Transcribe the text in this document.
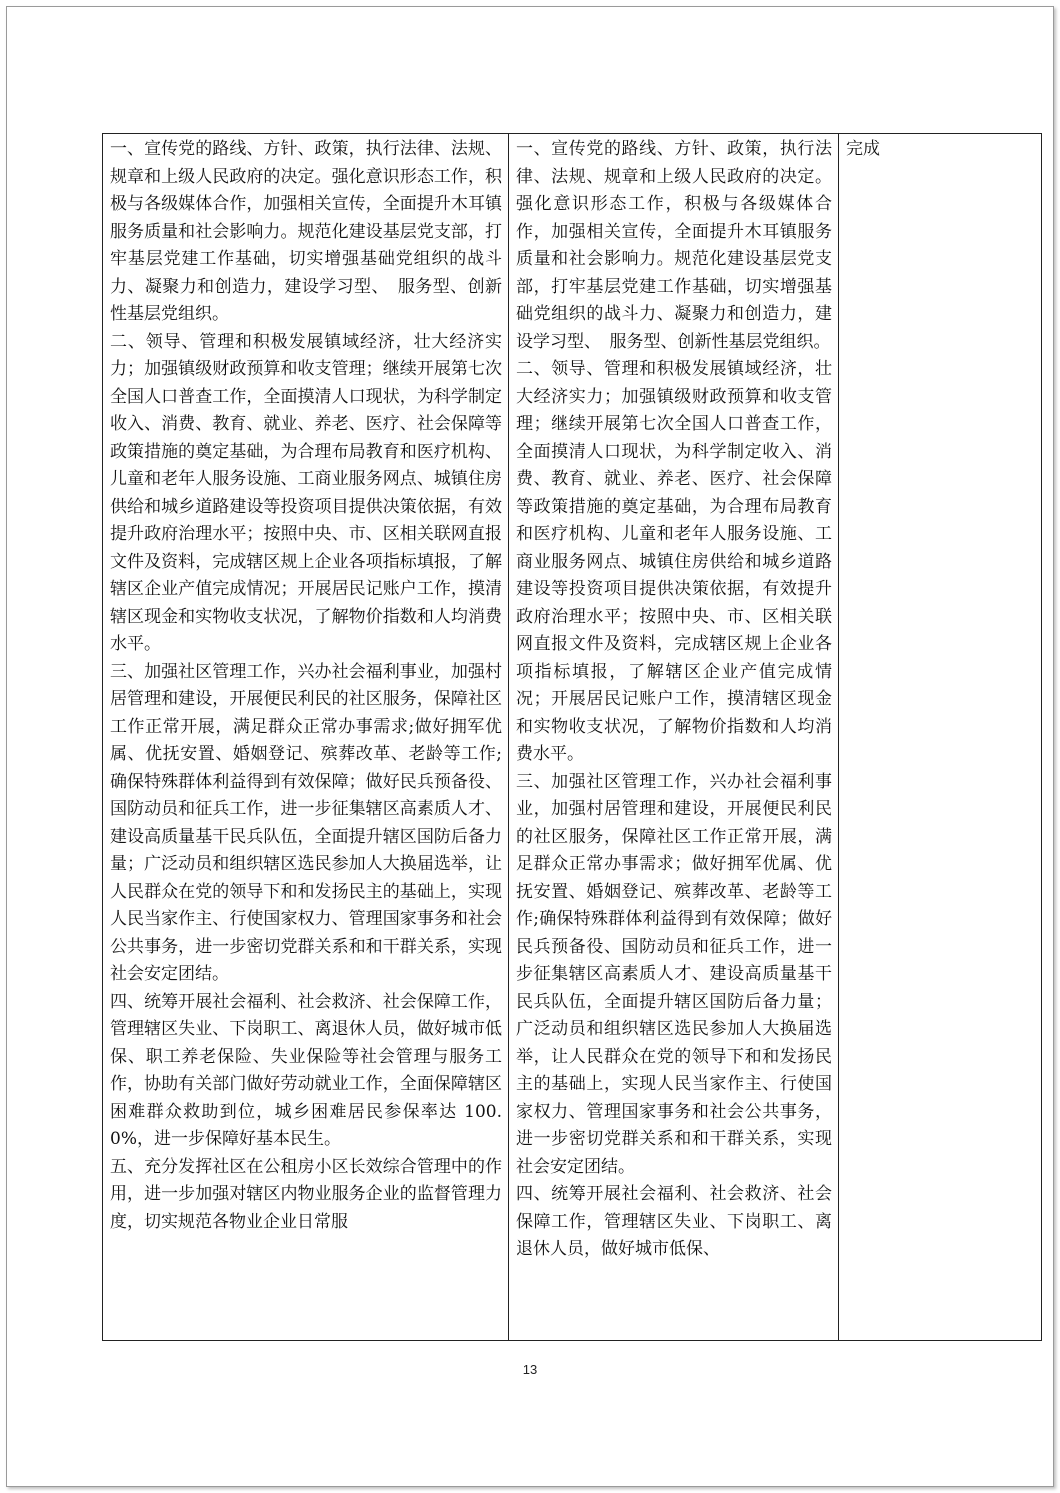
一、宣传党的路线、方针、政策，执行法律、法规、规章和上级人民政府的决定。强化意识形态工作，积极与各级媒体合作，加强相关宣传，全面提升木耳镇服务质量和社会影响力。规范化建设基层党支部，打牢基层党建工作基础，切实增强基础党组织的战斗力、凝聚力和创造力，建设学习型、　服务型、创新性基层党组织。

二、领导、管理和积极发展镇域经济，壮大经济实力；加强镇级财政预算和收支管理；继续开展第七次全国人口普查工作，全面摸清人口现状，为科学制定收入、消费、教育、就业、养老、医疗、社会保障等政策措施的奠定基础，为合理布局教育和医疗机构、儿童和老年人服务设施、工商业服务网点、城镇住房供给和城乡道路建设等投资项目提供决策依据，有效提升政府治理水平；按照中央、市、区相关联网直报文件及资料，完成辖区规上企业各项指标填报，了解辖区企业产值完成情况；开展居民记账户工作，摸清辖区现金和实物收支状况，了解物价指数和人均消费水平。

三、加强社区管理工作，兴办社会福利事业，加强村居管理和建设，开展便民利民的社区服务，保障社区工作正常开展，满足群众正常办事需求;做好拥军优属、优抚安置、婚姻登记、殡葬改革、老龄等工作;确保特殊群体利益得到有效保障；做好民兵预备役、国防动员和征兵工作，进一步征集辖区高素质人才、建设高质量基干民兵队伍，全面提升辖区国防后备力量；广泛动员和组织辖区选民参加人大换届选举，让人民群众在党的领导下和和发扬民主的基础上，实现人民当家作主、行使国家权力、管理国家事务和社会公共事务，进一步密切党群关系和和干群关系，实现社会安定团结。

四、统筹开展社会福利、社会救济、社会保障工作，管理辖区失业、下岗职工、离退休人员，做好城市低保、职工养老保险、失业保险等社会管理与服务工作，协助有关部门做好劳动就业工作，全面保障辖区困难群众救助到位，城乡困难居民参保率达 100.0%，进一步保障好基本民生。

五、充分发挥社区在公租房小区长效综合管理中的作用，进一步加强对辖区内物业服务企业的监督管理力度，切实规范各物业企业日常服

一、宣传党的路线、方针、政策，执行法律、法规、规章和上级人民政府的决定。强化意识形态工作，积极与各级媒体合作，加强相关宣传，全面提升木耳镇服务质量和社会影响力。规范化建设基层党支部，打牢基层党建工作基础，切实增强基础党组织的战斗力、凝聚力和创造力，建设学习型、　服务型、创新性基层党组织。

二、领导、管理和积极发展镇域经济，壮大经济实力；加强镇级财政预算和收支管理；继续开展第七次全国人口普查工作，全面摸清人口现状，为科学制定收入、消费、教育、就业、养老、医疗、社会保障等政策措施的奠定基础，为合理布局教育和医疗机构、儿童和老年人服务设施、工商业服务网点、城镇住房供给和城乡道路建设等投资项目提供决策依据，有效提升政府治理水平；按照中央、市、区相关联网直报文件及资料，完成辖区规上企业各项指标填报，了解辖区企业产值完成情况；开展居民记账户工作，摸清辖区现金和实物收支状况，了解物价指数和人均消费水平。

三、加强社区管理工作，兴办社会福利事业，加强村居管理和建设，开展便民利民的社区服务，保障社区工作正常开展，满足群众正常办事需求；做好拥军优属、优抚安置、婚姻登记、殡葬改革、老龄等工作;确保特殊群体利益得到有效保障；做好民兵预备役、国防动员和征兵工作，进一步征集辖区高素质人才、建设高质量基干民兵队伍，全面提升辖区国防后备力量；广泛动员和组织辖区选民参加人大换届选举，让人民群众在党的领导下和和发扬民主的基础上，实现人民当家作主、行使国家权力、管理国家事务和社会公共事务，进一步密切党群关系和和干群关系，实现社会安定团结。

四、统筹开展社会福利、社会救济、社会保障工作，管理辖区失业、下岗职工、离退休人员，做好城市低保、

完成

13
